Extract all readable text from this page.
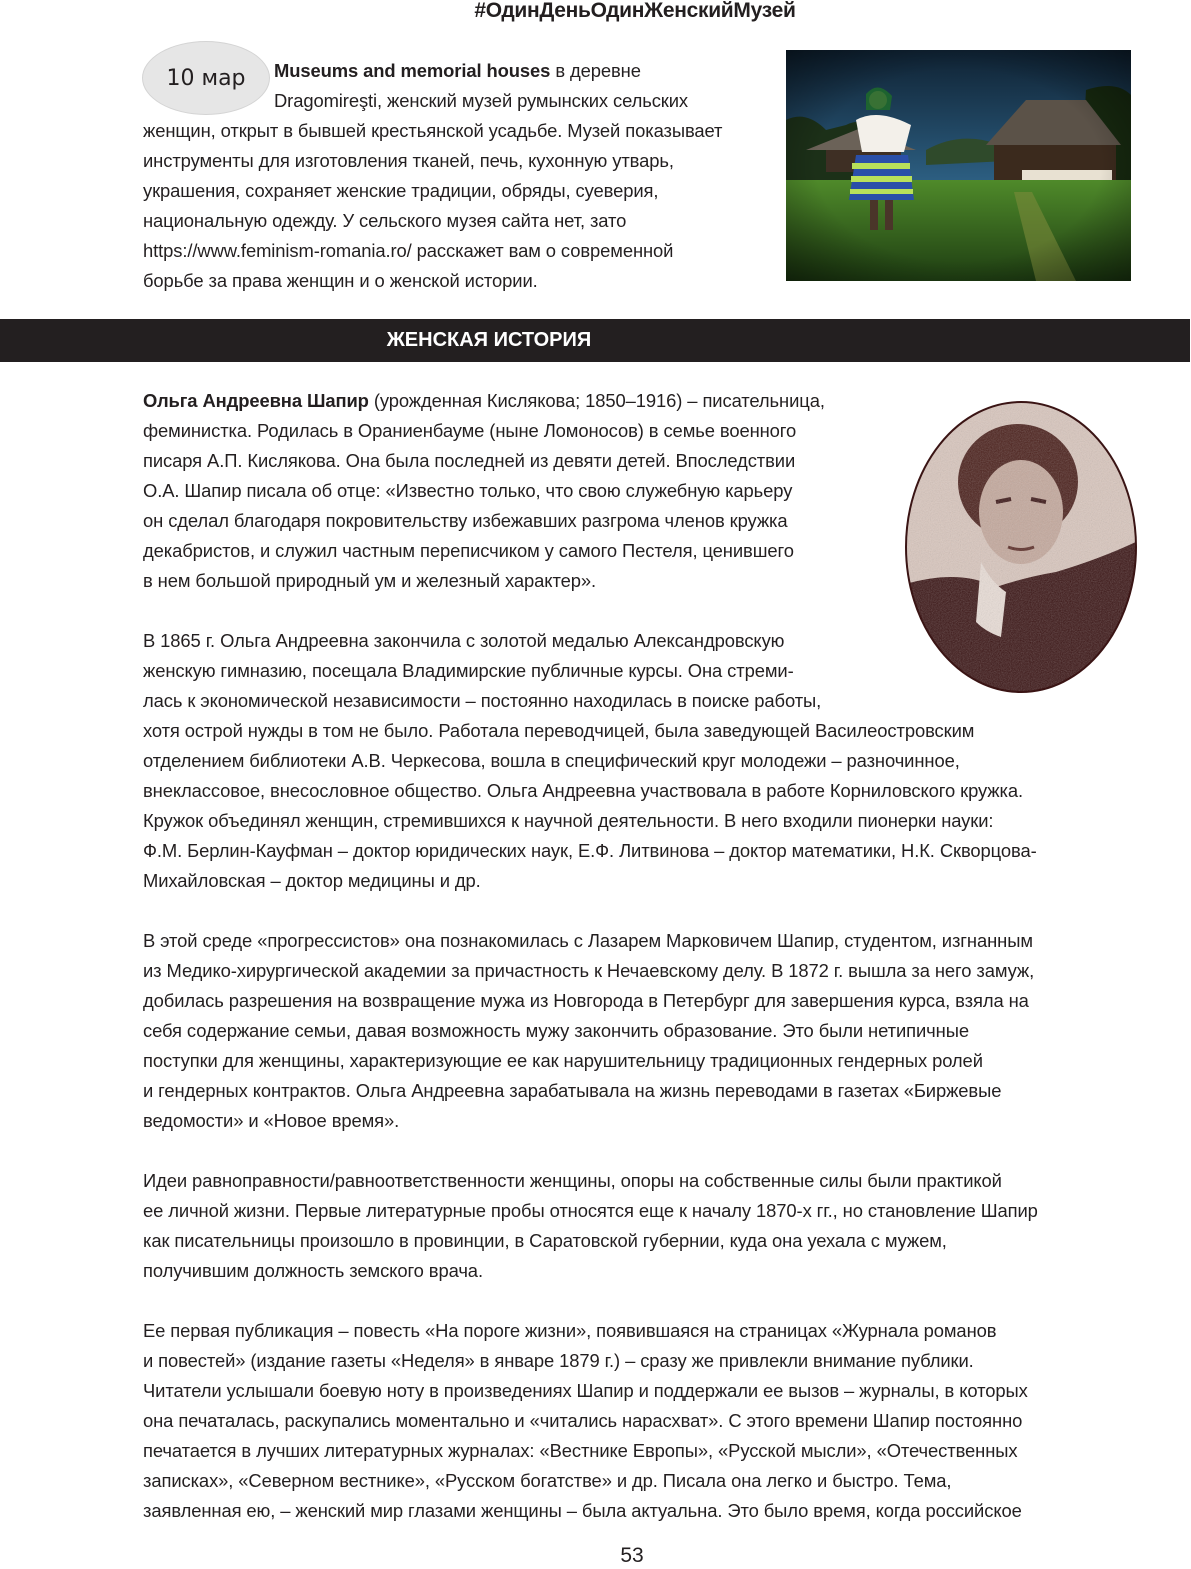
#ОдинДеньОдинЖенскийМузей
10 мар	Museums and memorial houses в деревне
Dragomireşti, женский музей румынских сельских
женщин, открыт в бывшей крестьянской усадьбе. Музей показывает
инструменты для изготовления тканей, печь, кухонную утварь,
украшения, сохраняет женские традиции, обряды, суеверия,
национальную одежду. У сельского музея сайта нет, зато
https://www.feminism-romania.ro/ расскажет вам о современной
борьбе за права женщин и о женской истории.
ЖЕНСКАЯ ИСТОРИЯ
Ольга Андреевна Шапир (урожденная Кислякова; 1850–1916) – писательница,
феминистка. Родилась в Ораниенбауме (ныне Ломоносов) в семье военного
писаря А.П. Кислякова. Она была последней из девяти детей. Впоследствии
О.А. Шапир писала об отце: «Известно только, что свою служебную карьеру
он сделал благодаря покровительству избежавших разгрома членов кружка
декабристов, и служил частным переписчиком у самого Пестеля, ценившего
в нем большой природный ум и железный характер».
В 1865 г. Ольга Андреевна закончила с золотой медалью Александровскую
женскую гимназию, посещала Владимирские публичные курсы. Она стреми-
лась к экономической независимости – постоянно находилась в поиске работы,
хотя острой нужды в том не было. Работала переводчицей, была заведующей Василеостровским
отделением библиотеки А.В. Черкесова, вошла в специфический круг молодежи – разночинное,
внеклассовое, внесословное общество. Ольга Андреевна участвовала в работе Корниловского кружка.
Кружок объединял женщин, стремившихся к научной деятельности. В него входили пионерки науки:
Ф.М. Берлин-Кауфман – доктор юридических наук, Е.Ф. Литвинова – доктор математики, Н.К. Скворцова-
Михайловская – доктор медицины и др.
В этой среде «прогрессистов» она познакомилась с Лазарем Марковичем Шапир, студентом, изгнанным
из Медико-хирургической академии за причастность к Нечаевскому делу. В 1872 г. вышла за него замуж,
добилась разрешения на возвращение мужа из Новгорода в Петербург для завершения курса, взяла на
себя содержание семьи, давая возможность мужу закончить образование. Это были нетипичные
поступки для женщины, характеризующие ее как нарушительницу традиционных гендерных ролей
и гендерных контрактов. Ольга Андреевна зарабатывала на жизнь переводами в газетах «Биржевые
ведомости» и «Новое время».
Идеи равноправности/равноответственности женщины, опоры на собственные силы были практикой
ее личной жизни. Первые литературные пробы относятся еще к началу 1870-х гг., но становление Шапир
как писательницы произошло в провинции, в Саратовской губернии, куда она уехала с мужем,
получившим должность земского врача.
Ее первая публикация – повесть «На пороге жизни», появившаяся на страницах «Журнала романов
и повестей» (издание газеты «Неделя» в январе 1879 г.) – сразу же привлекли внимание публики.
Читатели услышали боевую ноту в произведениях Шапир и поддержали ее вызов – журналы, в которых
она печаталась, раскупались моментально и «читались нарасхват». С этого времени Шапир постоянно
печатается в лучших литературных журналах: «Вестнике Европы», «Русской мысли», «Отечественных
записках», «Северном вестнике», «Русском богатстве» и др. Писала она легко и быстро. Тема,
заявленная ею, – женский мир глазами женщины – была актуальна. Это было время, когда российское
53
